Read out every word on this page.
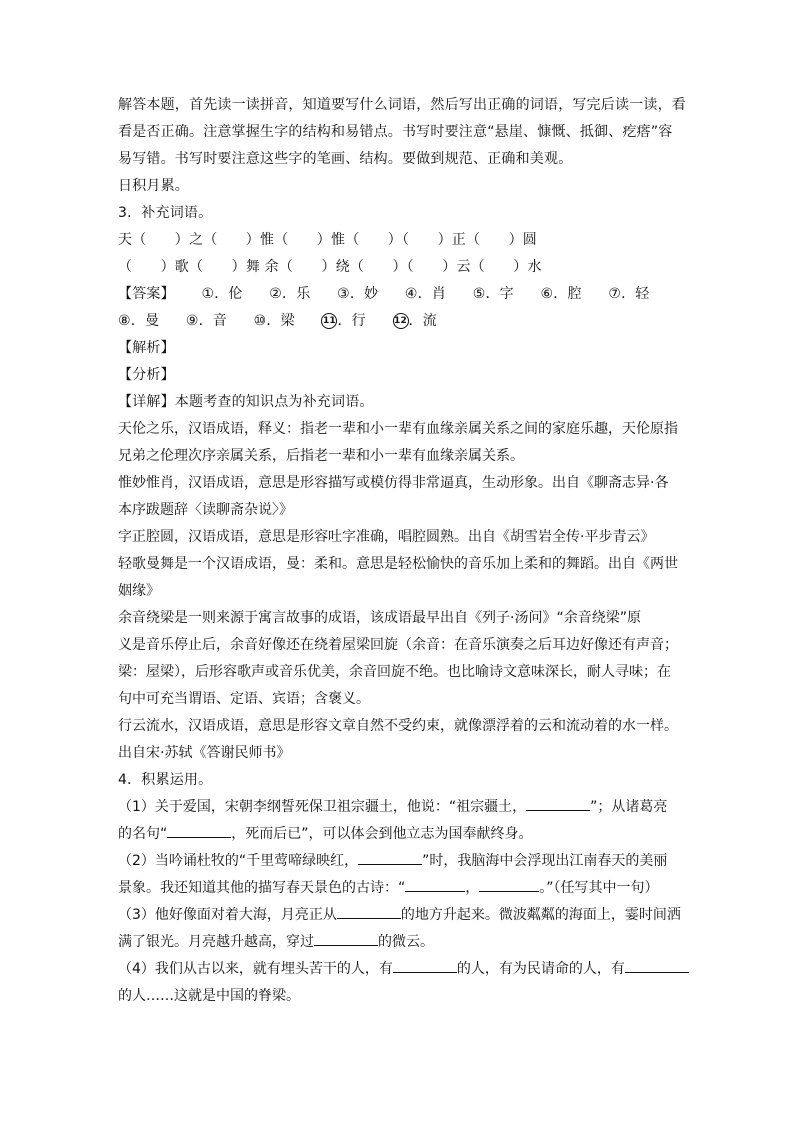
解答本题，首先读一读拼音，知道要写什么词语，然后写出正确的词语，写完后读一读，看
看是否正确。注意掌握生字的结构和易错点。书写时要注意“悬崖、慷慨、抵御、疙瘩”容
易写错。书写时要注意这些字的笔画、结构。要做到规范、正确和美观。
日积月累。
3．补充词语。
天（　　）之（　　）惟（　　）惟（　　）（　　）正（　　）圆
（　　）歌（　　）舞 余（　　）绕（　　）（　　）云（　　）水
【答案】 ①．伦 ②．乐 ③．妙 ④．肖 ⑤．字 ⑥．腔 ⑦．轻
⑧．曼 ⑨．音 ⑩．梁	11 ．行	12 ．流
【解析】
【分析】
【详解】本题考查的知识点为补充词语。
天伦之乐，汉语成语，释义：指老一辈和小一辈有血缘亲属关系之间的家庭乐趣，天伦原指
兄弟之伦理次序亲属关系，后指老一辈和小一辈有血缘亲属关系。
惟妙惟肖，汉语成语，意思是形容描写或模仿得非常逼真，生动形象。出自《聊斋志异·各
本序跋题辞〈读聊斋杂说〉》
字正腔圆，汉语成语，意思是形容吐字准确，唱腔圆熟。出自《胡雪岩全传·平步青云》
轻歌曼舞是一个汉语成语，曼：柔和。意思是轻松愉快的音乐加上柔和的舞蹈。出自《两世
姻缘》
余音绕梁是一则来源于寓言故事的成语，该成语最早出自《列子·汤问》“余音绕梁”原
义是音乐停止后，余音好像还在绕着屋梁回旋（余音：在音乐演奏之后耳边好像还有声音；
梁：屋梁），后形容歌声或音乐优美，余音回旋不绝。也比喻诗文意味深长，耐人寻味；在
句中可充当谓语、定语、宾语；含褒义。
行云流水，汉语成语，意思是形容文章自然不受约束，就像漂浮着的云和流动着的水一样。
出自宋·苏轼《答谢民师书》
4．积累运用。
（1）关于爱国，宋朝李纲誓死保卫祖宗疆土，他说：“祖宗疆土，	”；从诸葛亮
的名句“	，死而后已”，可以体会到他立志为国奉献终身。
（2）当吟诵杜牧的“千里莺啼绿映红，	”时，我脑海中会浮现出江南春天的美丽
景象。我还知道其他的描写春天景色的古诗：“	，	。”（任写其中一句）
（3）他好像面对着大海，月亮正从	的地方升起来。微波粼粼的海面上，霎时间洒
满了银光。月亮越升越高，穿过	的微云。
（4）我们从古以来，就有埋头苦干的人，有	的人，有为民请命的人，有
的人……这就是中国的脊梁。
